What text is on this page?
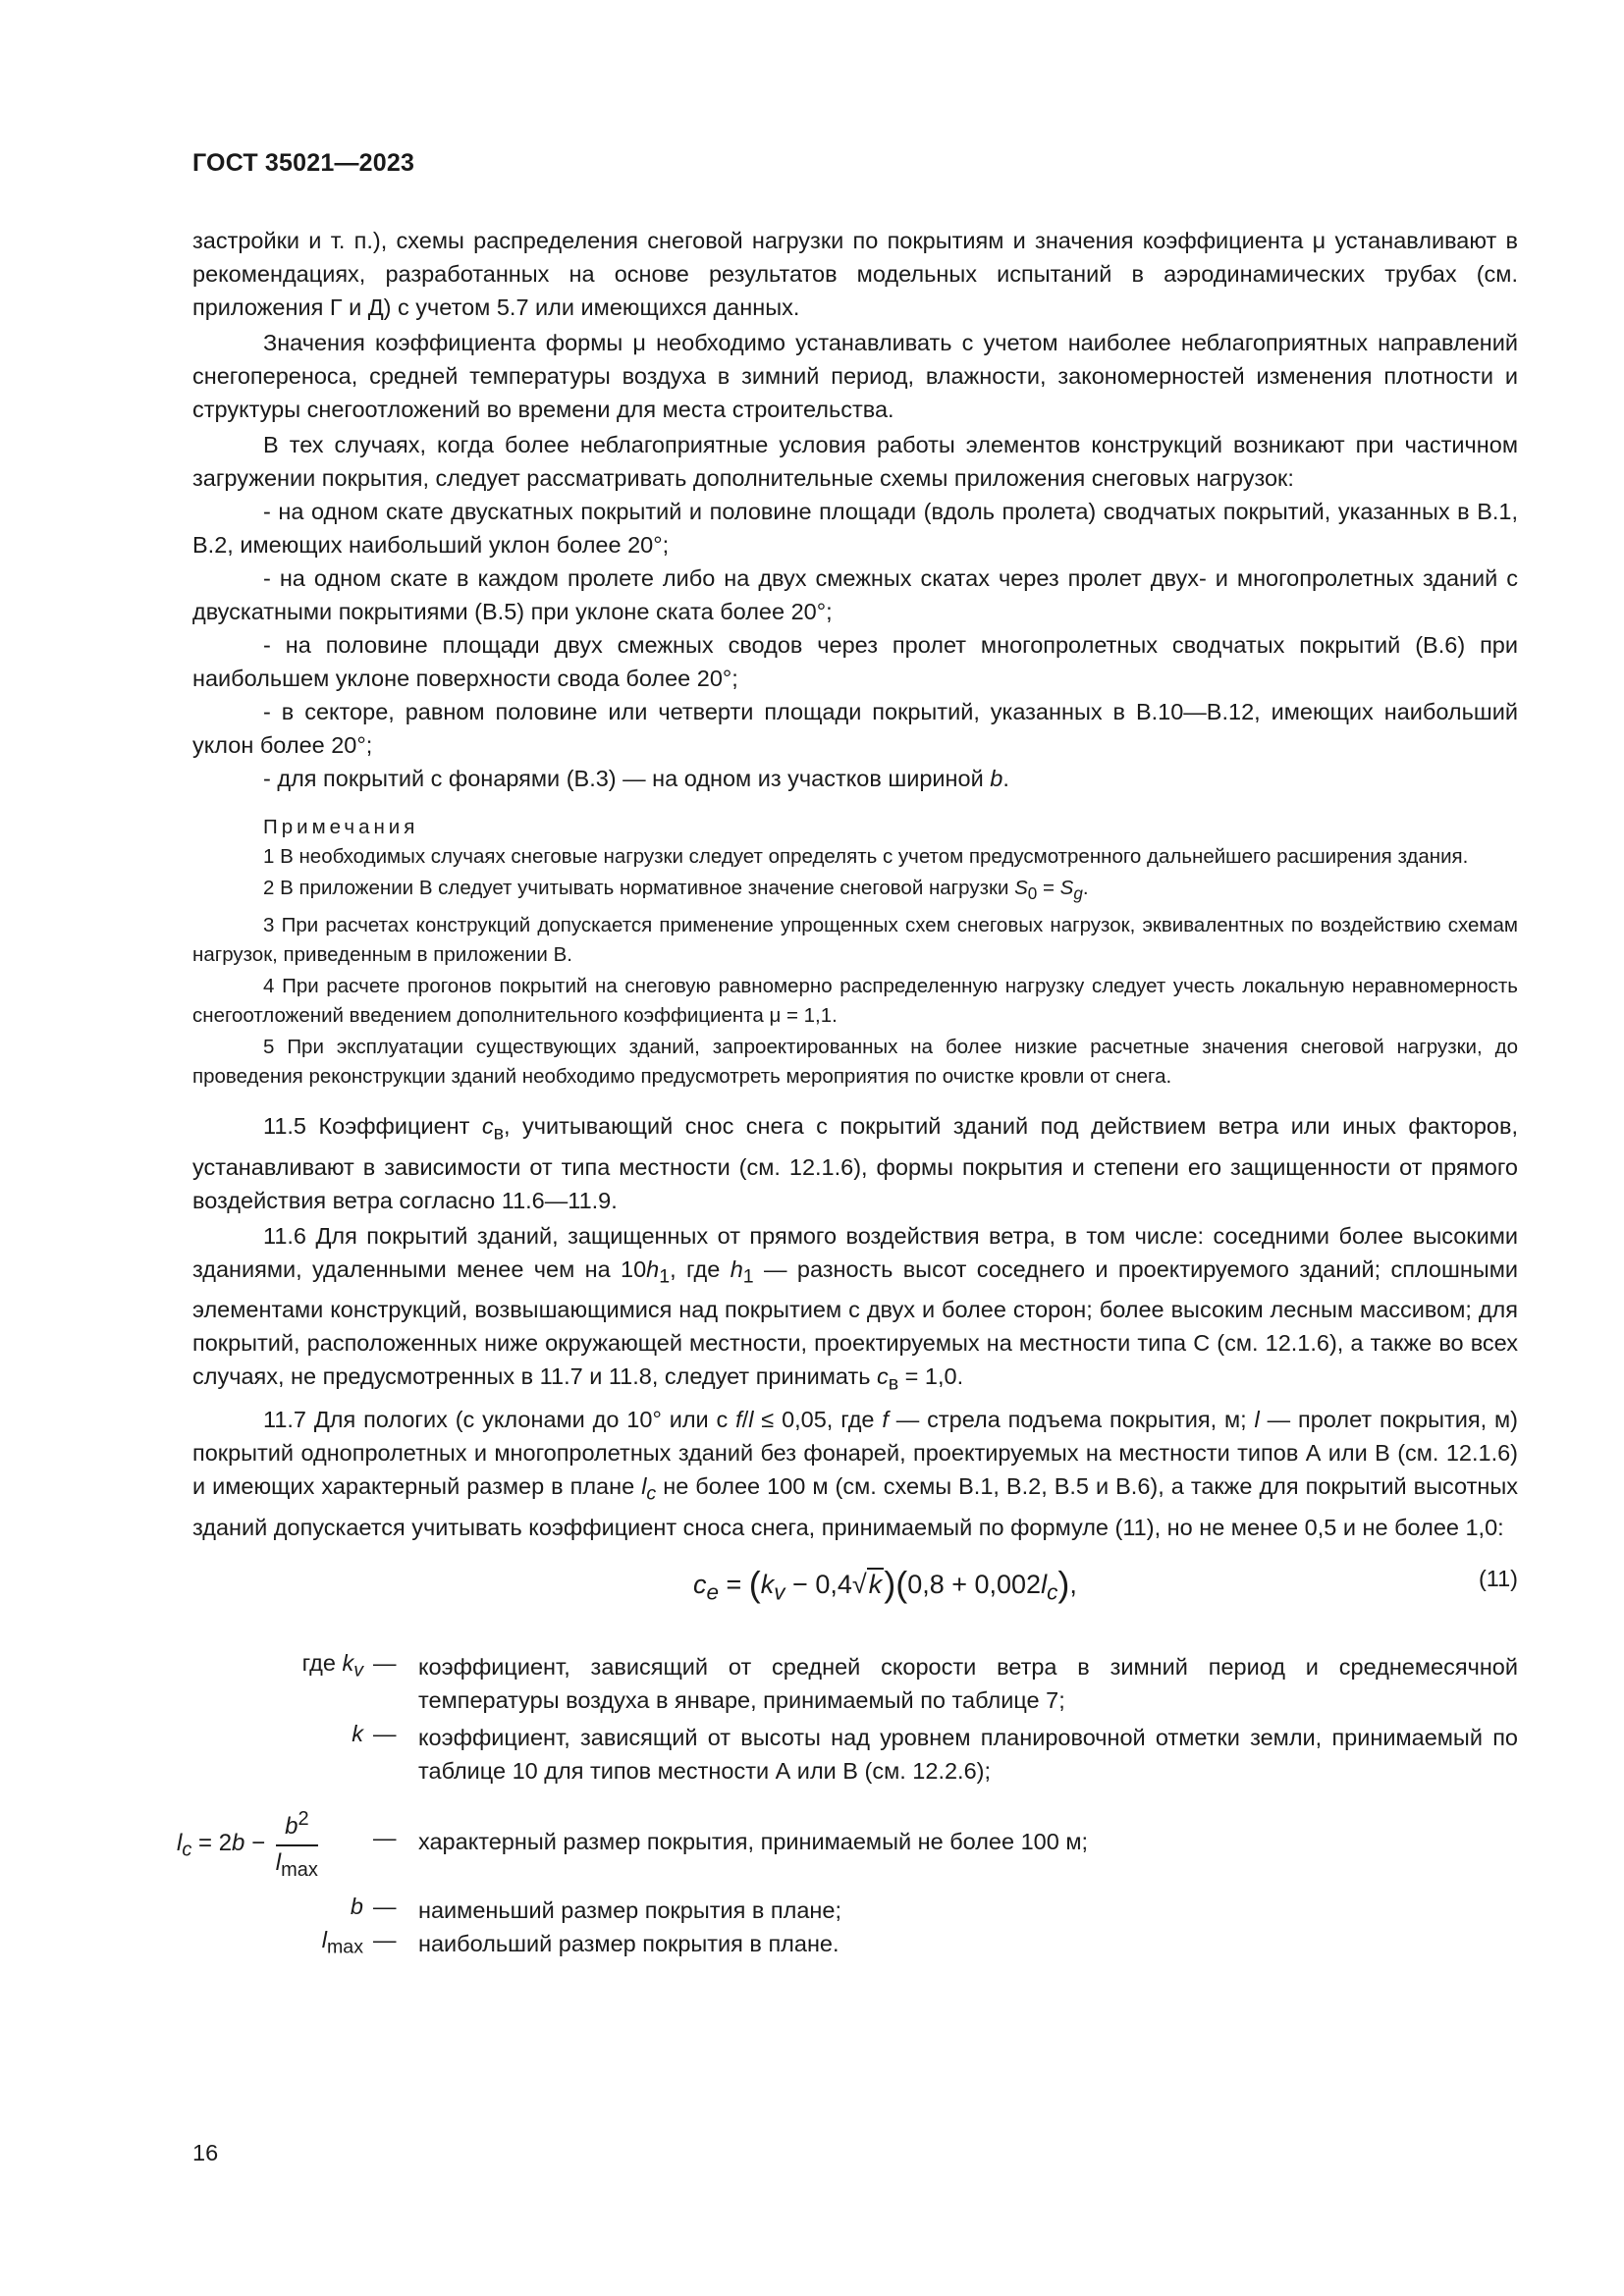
ГОСТ 35021—2023

застройки и т. п.), схемы распределения снеговой нагрузки по покрытиям и значения коэффициента μ устанавливают в рекомендациях, разработанных на основе результатов модельных испытаний в аэродинамических трубах (см. приложения Г и Д) с учетом 5.7 или имеющихся данных.

Значения коэффициента формы μ необходимо устанавливать с учетом наиболее неблагоприятных направлений снегопереноса, средней температуры воздуха в зимний период, влажности, закономерностей изменения плотности и структуры снегоотложений во времени для места строительства.

В тех случаях, когда более неблагоприятные условия работы элементов конструкций возникают при частичном загружении покрытия, следует рассматривать дополнительные схемы приложения снеговых нагрузок:

- на одном скате двускатных покрытий и половине площади (вдоль пролета) сводчатых покрытий, указанных в В.1, В.2, имеющих наибольший уклон более 20°;

- на одном скате в каждом пролете либо на двух смежных скатах через пролет двух- и многопролетных зданий с двускатными покрытиями (В.5) при уклоне ската более 20°;

- на половине площади двух смежных сводов через пролет многопролетных сводчатых покрытий (В.6) при наибольшем уклоне поверхности свода более 20°;

- в секторе, равном половине или четверти площади покрытий, указанных в В.10—В.12, имеющих наибольший уклон более 20°;

- для покрытий с фонарями (В.3) — на одном из участков шириной b.

Примечания

1 В необходимых случаях снеговые нагрузки следует определять с учетом предусмотренного дальнейшего расширения здания.

2 В приложении В следует учитывать нормативное значение снеговой нагрузки $S_0 = S_g$.

3 При расчетах конструкций допускается применение упрощенных схем снеговых нагрузок, эквивалентных по воздействию схемам нагрузок, приведенным в приложении В.

4 При расчете прогонов покрытий на снеговую равномерно распределенную нагрузку следует учесть локальную неравномерность снегоотложений введением дополнительного коэффициента μ = 1,1.

5 При эксплуатации существующих зданий, запроектированных на более низкие расчетные значения снеговой нагрузки, до проведения реконструкции зданий необходимо предусмотреть мероприятия по очистке кровли от снега.

11.5 Коэффициент $c_в$, учитывающий снос снега с покрытий зданий под действием ветра или иных факторов, устанавливают в зависимости от типа местности (см. 12.1.6), формы покрытия и степени его защищенности от прямого воздействия ветра согласно 11.6—11.9.

11.6 Для покрытий зданий, защищенных от прямого воздействия ветра, в том числе: соседними более высокими зданиями, удаленными менее чем на $10h_1$, где $h_1$ — разность высот соседнего и проектируемого зданий; сплошными элементами конструкций, возвышающимися над покрытием с двух и более сторон; более высоким лесным массивом; для покрытий, расположенных ниже окружающей местности, проектируемых на местности типа С (см. 12.1.6), а также во всех случаях, не предусмотренных в 11.7 и 11.8, следует принимать $c_в = 1,0$.

11.7 Для пологих (с уклонами до 10° или с f/l ≤ 0,05, где f — стрела подъема покрытия, м; l — пролет покрытия, м) покрытий однопролетных и многопролетных зданий без фонарей, проектируемых на местности типов А или В (см. 12.1.6) и имеющих характерный размер в плане $l_c$ не более 100 м (см. схемы В.1, В.2, В.5 и В.6), а также для покрытий высотных зданий допускается учитывать коэффициент сноса снега, принимаемый по формуле (11), но не менее 0,5 и не более 1,0:

$c_e = (k_v - 0,4√k)(0,8 + 0,002l_c)$,	(11)
где $k_v$ — коэффициент, зависящий от средней скорости ветра в зимний период и среднемесячной температуры воздуха в январе, принимаемый по таблице 7;
k — коэффициент, зависящий от высоты над уровнем планировочной отметки земли, принимаемый по таблице 10 для типов местности А или В (см. 12.2.6);
$l_c = 2b - \frac{b^2}{l_{max}}$ — характерный размер покрытия, принимаемый не более 100 м;
b — наименьший размер покрытия в плане;
$l_{max}$ — наибольший размер покрытия в плане.
16
